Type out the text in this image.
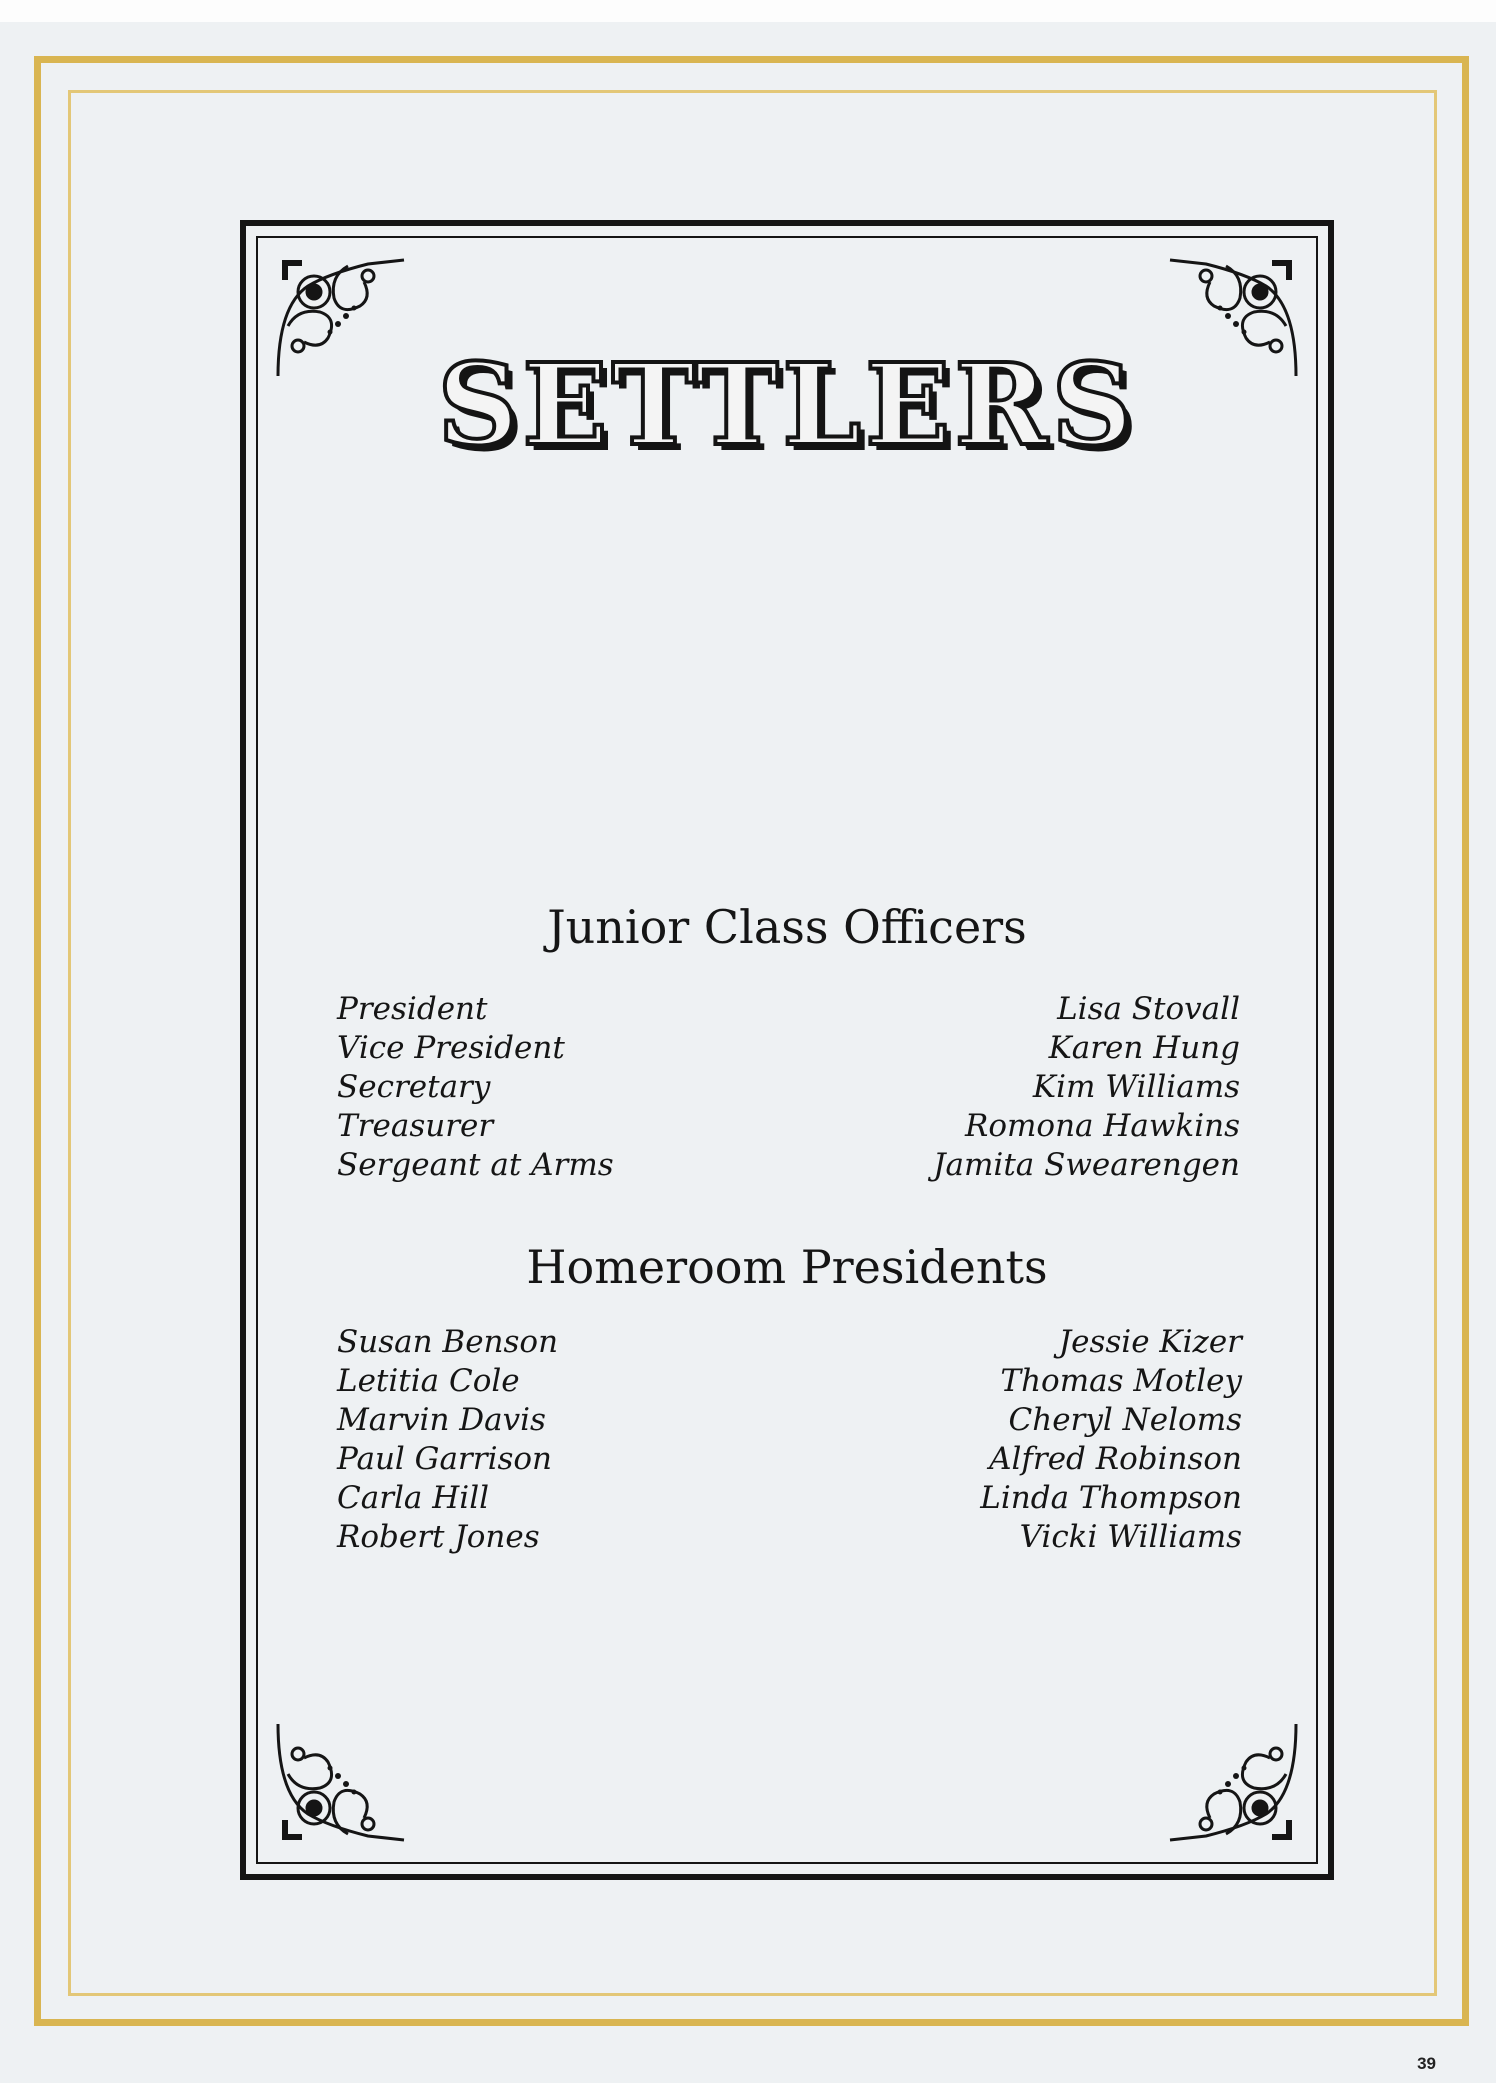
SETTLERS
Junior Class Officers
President
Vice President
Secretary
Treasurer
Sergeant at Arms
Lisa Stovall
Karen Hung
Kim Williams
Romona Hawkins
Jamita Swearengen
Homeroom Presidents
Susan Benson
Letitia Cole
Marvin Davis
Paul Garrison
Carla Hill
Robert Jones
Jessie Kizer
Thomas Motley
Cheryl Neloms
Alfred Robinson
Linda Thompson
Vicki Williams
39
